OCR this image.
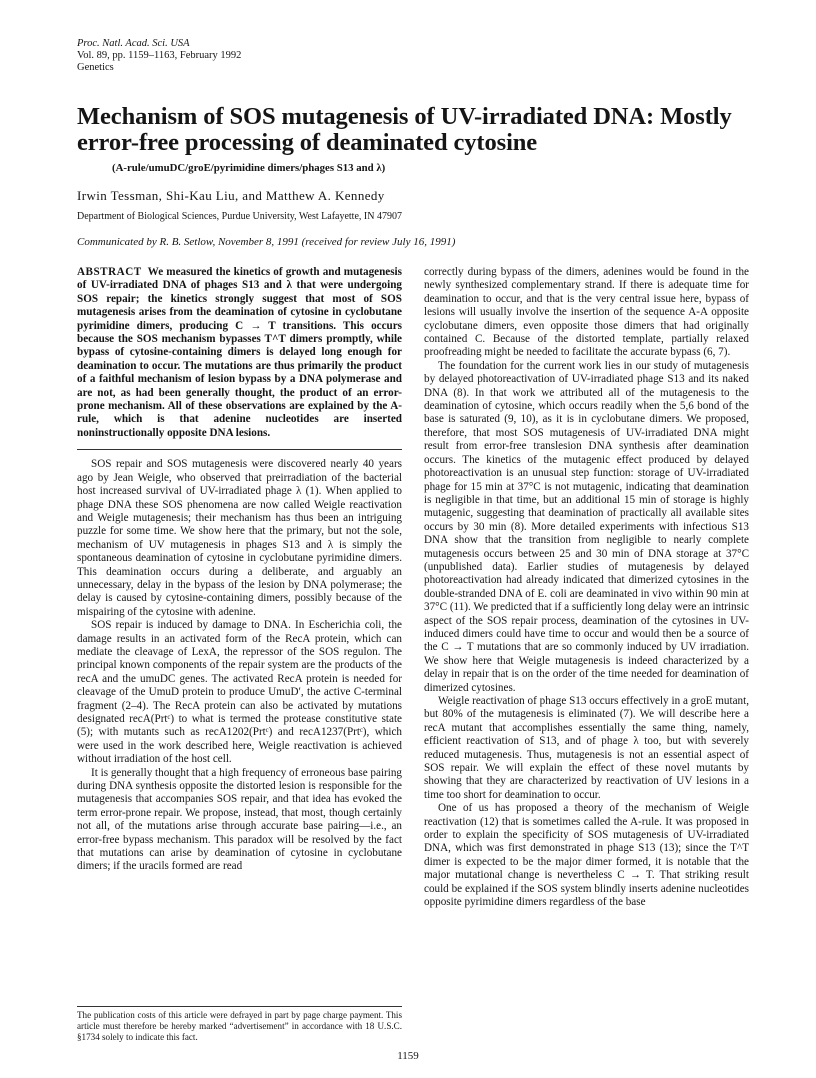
Proc. Natl. Acad. Sci. USA
Vol. 89, pp. 1159–1163, February 1992
Genetics
Mechanism of SOS mutagenesis of UV-irradiated DNA: Mostly error-free processing of deaminated cytosine
(A-rule/umuDC/groE/pyrimidine dimers/phages S13 and λ)
Irwin Tessman, Shi-Kau Liu, and Matthew A. Kennedy
Department of Biological Sciences, Purdue University, West Lafayette, IN 47907
Communicated by R. B. Setlow, November 8, 1991 (received for review July 16, 1991)

ABSTRACT We measured the kinetics of growth and mutagenesis of UV-irradiated DNA of phages S13 and λ that were undergoing SOS repair; the kinetics strongly suggest that most of SOS mutagenesis arises from the deamination of cytosine in cyclobutane pyrimidine dimers, producing C → T transitions. This occurs because the SOS mechanism bypasses T^T dimers promptly, while bypass of cytosine-containing dimers is delayed long enough for deamination to occur. The mutations are thus primarily the product of a faithful mechanism of lesion bypass by a DNA polymerase and are not, as had been generally thought, the product of an error-prone mechanism. All of these observations are explained by the A-rule, which is that adenine nucleotides are inserted noninstructionally opposite DNA lesions.

SOS repair and SOS mutagenesis were discovered nearly 40 years ago by Jean Weigle, who observed that preirradiation of the bacterial host increased survival of UV-irradiated phage λ (1). When applied to phage DNA these SOS phenomena are now called Weigle reactivation and Weigle mutagenesis; their mechanism has thus been an intriguing puzzle for some time. We show here that the primary, but not the sole, mechanism of UV mutagenesis in phages S13 and λ is simply the spontaneous deamination of cytosine in cyclobutane pyrimidine dimers. This deamination occurs during a deliberate, and arguably an unnecessary, delay in the bypass of the lesion by DNA polymerase; the delay is caused by cytosine-containing dimers, possibly because of the mispairing of the cytosine with adenine.

SOS repair is induced by damage to DNA. In Escherichia coli, the damage results in an activated form of the RecA protein, which can mediate the cleavage of LexA, the repressor of the SOS regulon. The principal known components of the repair system are the products of the recA and the umuDC genes. The activated RecA protein is needed for cleavage of the UmuD protein to produce UmuD′, the active C-terminal fragment (2–4). The RecA protein can also be activated by mutations designated recA(Prtᶜ) to what is termed the protease constitutive state (5); with mutants such as recA1202(Prtᶜ) and recA1237(Prtᶜ), which were used in the work described here, Weigle reactivation is achieved without irradiation of the host cell.

It is generally thought that a high frequency of erroneous base pairing during DNA synthesis opposite the distorted lesion is responsible for the mutagenesis that accompanies SOS repair, and that idea has evoked the term error-prone repair. We propose, instead, that most, though certainly not all, of the mutations arise through accurate base pairing—i.e., an error-free bypass mechanism. This paradox will be resolved by the fact that mutations can arise by deamination of cytosine in cyclobutane dimers; if the uracils formed are read

correctly during bypass of the dimers, adenines would be found in the newly synthesized complementary strand. If there is adequate time for deamination to occur, and that is the very central issue here, bypass of lesions will usually involve the insertion of the sequence A-A opposite cyclobutane dimers, even opposite those dimers that had originally contained C. Because of the distorted template, partially relaxed proofreading might be needed to facilitate the accurate bypass (6, 7).

The foundation for the current work lies in our study of mutagenesis by delayed photoreactivation of UV-irradiated phage S13 and its naked DNA (8). In that work we attributed all of the mutagenesis to the deamination of cytosine, which occurs readily when the 5,6 bond of the base is saturated (9, 10), as it is in cyclobutane dimers. We proposed, therefore, that most SOS mutagenesis of UV-irradiated DNA might result from error-free translesion DNA synthesis after deamination occurs. The kinetics of the mutagenic effect produced by delayed photoreactivation is an unusual step function: storage of UV-irradiated phage for 15 min at 37°C is not mutagenic, indicating that deamination is negligible in that time, but an additional 15 min of storage is highly mutagenic, suggesting that deamination of practically all available sites occurs by 30 min (8). More detailed experiments with infectious S13 DNA show that the transition from negligible to nearly complete mutagenesis occurs between 25 and 30 min of DNA storage at 37°C (unpublished data). Earlier studies of mutagenesis by delayed photoreactivation had already indicated that dimerized cytosines in the double-stranded DNA of E. coli are deaminated in vivo within 90 min at 37°C (11). We predicted that if a sufficiently long delay were an intrinsic aspect of the SOS repair process, deamination of the cytosines in UV-induced dimers could have time to occur and would then be a source of the C → T mutations that are so commonly induced by UV irradiation. We show here that Weigle mutagenesis is indeed characterized by a delay in repair that is on the order of the time needed for deamination of dimerized cytosines.

Weigle reactivation of phage S13 occurs effectively in a groE mutant, but 80% of the mutagenesis is eliminated (7). We will describe here a recA mutant that accomplishes essentially the same thing, namely, efficient reactivation of S13, and of phage λ too, but with severely reduced mutagenesis. Thus, mutagenesis is not an essential aspect of SOS repair. We will explain the effect of these novel mutants by showing that they are characterized by reactivation of UV lesions in a time too short for deamination to occur.

One of us has proposed a theory of the mechanism of Weigle reactivation (12) that is sometimes called the A-rule. It was proposed in order to explain the specificity of SOS mutagenesis of UV-irradiated DNA, which was first demonstrated in phage S13 (13); since the T^T dimer is expected to be the major dimer formed, it is notable that the major mutational change is nevertheless C → T. That striking result could be explained if the SOS system blindly inserts adenine nucleotides opposite pyrimidine dimers regardless of the base

The publication costs of this article were defrayed in part by page charge payment. This article must therefore be hereby marked “advertisement” in accordance with 18 U.S.C. §1734 solely to indicate this fact.
1159
